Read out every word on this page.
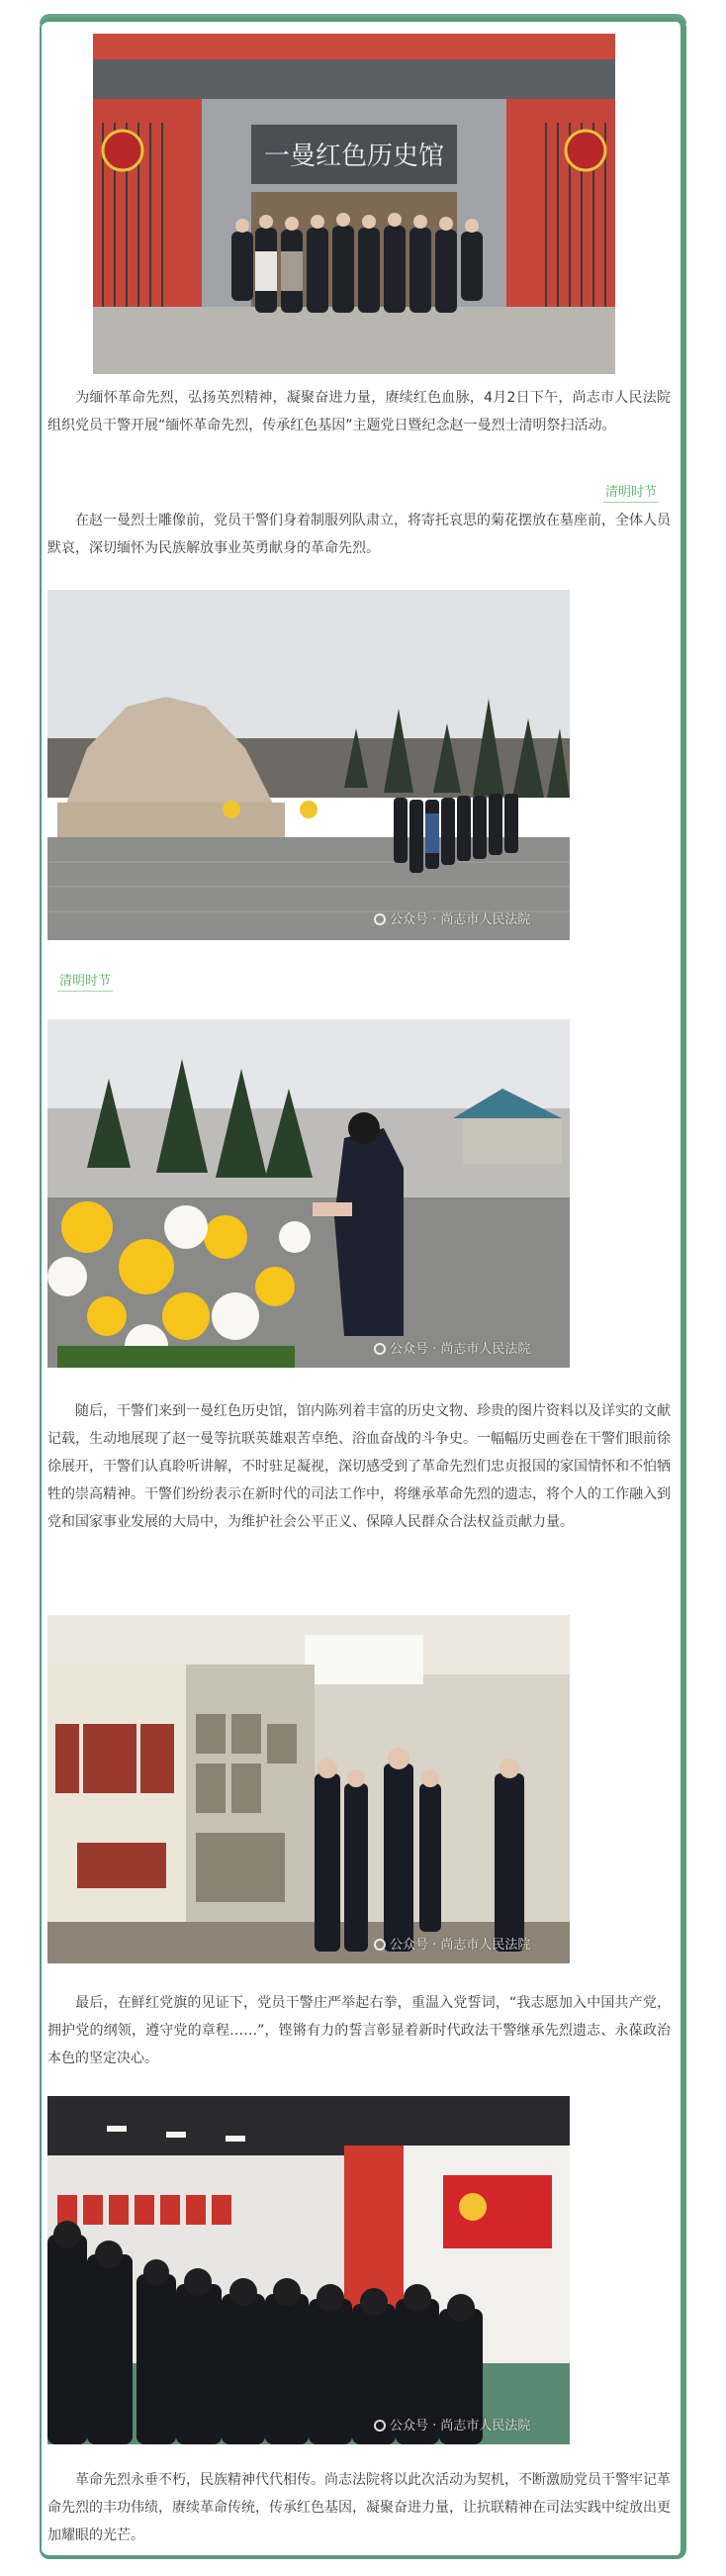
一曼红色历史馆

为缅怀革命先烈，弘扬英烈精神，凝聚奋进力量，赓续红色血脉，4月2日下午，尚志市人民法院组织党员干警开展“缅怀革命先烈，传承红色基因”主题党日暨纪念赵一曼烈士清明祭扫活动。

清明时节

在赵一曼烈士雕像前，党员干警们身着制服列队肃立，将寄托哀思的菊花摆放在墓座前，全体人员默哀，深切缅怀为民族解放事业英勇献身的革命先烈。

公众号 · 尚志市人民法院
清明时节
公众号 · 尚志市人民法院

随后，干警们来到一曼红色历史馆，馆内陈列着丰富的历史文物、珍贵的图片资料以及详实的文献记载，生动地展现了赵一曼等抗联英雄艰苦卓绝、浴血奋战的斗争史。一幅幅历史画卷在干警们眼前徐徐展开，干警们认真聆听讲解，不时驻足凝视，深切感受到了革命先烈们忠贞报国的家国情怀和不怕牺牲的崇高精神。干警们纷纷表示在新时代的司法工作中，将继承革命先烈的遗志，将个人的工作融入到党和国家事业发展的大局中，为维护社会公平正义、保障人民群众合法权益贡献力量。

公众号 · 尚志市人民法院

最后，在鲜红党旗的见证下，党员干警庄严举起右拳，重温入党誓词，“我志愿加入中国共产党，拥护党的纲领，遵守党的章程……”，铿锵有力的誓言彰显着新时代政法干警继承先烈遗志、永葆政治本色的坚定决心。

公众号 · 尚志市人民法院

革命先烈永垂不朽，民族精神代代相传。尚志法院将以此次活动为契机，不断激励党员干警牢记革命先烈的丰功伟绩，赓续革命传统，传承红色基因，凝聚奋进力量，让抗联精神在司法实践中绽放出更加耀眼的光芒。
